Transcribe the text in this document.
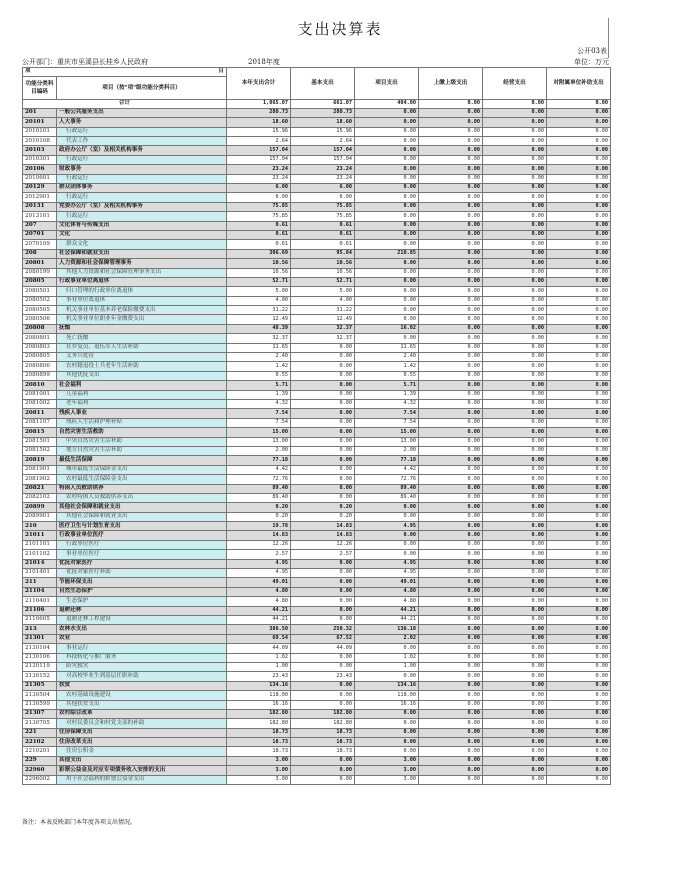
支出决算表
公开03表
公开部门：重庆市巫溪县长桂乡人民政府	2018年度	单位：万元
项 目		本年支出合计	基本支出	项目支出	上缴上级支出	经营支出	对附属单位补助支出
功能分类科目编码	项目（按"项"级功能分类科目）						
合计		1,065.07	661.07	404.00	0.00	0.00	0.00
201	一般公共服务支出	280.73	280.73	0.00	0.00	0.00	0.00
20101	人大事务	18.60	18.60	0.00	0.00	0.00	0.00
2010101	行政运行	15.96	15.96	0.00	0.00	0.00	0.00
2010108	代表工作	2.64	2.64	0.00	0.00	0.00	0.00
20103	政府办公厅（室）及相关机构事务	157.04	157.04	0.00	0.00	0.00	0.00
2010301	行政运行	157.04	157.04	0.00	0.00	0.00	0.00
20106	财政事务	23.24	23.24	0.00	0.00	0.00	0.00
2010601	行政运行	23.24	23.24	0.00	0.00	0.00	0.00
20129	群众团体事务	6.00	6.00	0.00	0.00	0.00	0.00
2012901	行政运行	6.00	6.00	0.00	0.00	0.00	0.00
20131	党委办公厅（室）及相关机构事务	75.85	75.85	0.00	0.00	0.00	0.00
2013101	行政运行	75.85	75.85	0.00	0.00	0.00	0.00
207	文化体育与传媒支出	0.61	0.61	0.00	0.00	0.00	0.00
20701	文化	0.61	0.61	0.00	0.00	0.00	0.00
2070109	群众文化	0.61	0.61	0.00	0.00	0.00	0.00
208	社会保障和就业支出	306.69	95.84	210.85	0.00	0.00	0.00
20801	人力资源和社会保障管理事务	10.56	10.56	0.00	0.00	0.00	0.00
2080199	其他人力资源和社会保障管理事务支出	10.56	10.56	0.00	0.00	0.00	0.00
20805	行政事业单位离退休	52.71	52.71	0.00	0.00	0.00	0.00
2080501	归口管理的行政单位离退休	5.00	5.00	0.00	0.00	0.00	0.00
2080502	事业单位离退休	4.00	4.00	0.00	0.00	0.00	0.00
2080505	机关事业单位基本养老保险缴费支出	31.22	31.22	0.00	0.00	0.00	0.00
2080506	机关事业单位职业年金缴费支出	12.49	12.49	0.00	0.00	0.00	0.00
20808	抚恤	48.39	32.37	16.02	0.00	0.00	0.00
2080801	死亡抚恤	32.37	32.37	0.00	0.00	0.00	0.00
2080803	在乡复员、退伍军人生活补助	11.65	0.00	11.65	0.00	0.00	0.00
2080805	义务兵优待	2.40	0.00	2.40	0.00	0.00	0.00
2080806	农村籍退役士兵老年生活补助	1.42	0.00	1.42	0.00	0.00	0.00
2080899	其他优抚支出	0.55	0.00	0.55	0.00	0.00	0.00
20810	社会福利	5.71	0.00	5.71	0.00	0.00	0.00
2081001	儿童福利	1.39	0.00	1.39	0.00	0.00	0.00
2081002	老年福利	4.32	0.00	4.32	0.00	0.00	0.00
20811	残疾人事业	7.54	0.00	7.54	0.00	0.00	0.00
2081107	残疾人生活和护理补贴	7.54	0.00	7.54	0.00	0.00	0.00
20815	自然灾害生活救助	15.00	0.00	15.00	0.00	0.00	0.00
2081501	中央自然灾害生活补助	13.00	0.00	13.00	0.00	0.00	0.00
2081502	地方自然灾害生活补助	2.00	0.00	2.00	0.00	0.00	0.00
20819	最低生活保障	77.18	0.00	77.18	0.00	0.00	0.00
2081901	城市最低生活保障金支出	4.42	0.00	4.42	0.00	0.00	0.00
2081902	农村最低生活保障金支出	72.76	0.00	72.76	0.00	0.00	0.00
20821	特困人员救助供养	89.40	0.00	89.40	0.00	0.00	0.00
2082102	农村特困人员救助供养支出	89.40	0.00	89.40	0.00	0.00	0.00
20899	其他社会保障和就业支出	0.20	0.20	0.00	0.00	0.00	0.00
2089901	其他社会保障和就业支出	0.20	0.20	0.00	0.00	0.00	0.00
210	医疗卫生与计划生育支出	19.78	14.83	4.95	0.00	0.00	0.00
21011	行政事业单位医疗	14.83	14.83	0.00	0.00	0.00	0.00
2101101	行政单位医疗	12.26	12.26	0.00	0.00	0.00	0.00
2101102	事业单位医疗	2.57	2.57	0.00	0.00	0.00	0.00
21014	优抚对象医疗	4.95	0.00	4.95	0.00	0.00	0.00
2101401	优抚对象医疗补助	4.95	0.00	4.95	0.00	0.00	0.00
211	节能环保支出	49.01	0.00	49.01	0.00	0.00	0.00
21104	自然生态保护	4.80	0.00	4.80	0.00	0.00	0.00
2110401	生态保护	4.80	0.00	4.80	0.00	0.00	0.00
21106	退耕还林	44.21	0.00	44.21	0.00	0.00	0.00
2110605	退耕还林工程建设	44.21	0.00	44.21	0.00	0.00	0.00
213	农林水支出	386.50	250.32	136.18	0.00	0.00	0.00
21301	农业	69.54	67.52	2.02	0.00	0.00	0.00
2130104	事业运行	44.09	44.09	0.00	0.00	0.00	0.00
2130106	科技转化与推广服务	1.02	0.00	1.02	0.00	0.00	0.00
2130119	防灾救灾	1.00	0.00	1.00	0.00	0.00	0.00
2130152	对高校毕业生到基层任职补助	23.43	23.43	0.00	0.00	0.00	0.00
21305	扶贫	134.16	0.00	134.16	0.00	0.00	0.00
2130504	农村基础设施建设	118.00	0.00	118.00	0.00	0.00	0.00
2130599	其他扶贫支出	16.16	0.00	16.16	0.00	0.00	0.00
21307	农村综合改革	182.80	182.80	0.00	0.00	0.00	0.00
2130705	对村民委员会和村党支部的补助	182.80	182.80	0.00	0.00	0.00	0.00
221	住房保障支出	18.73	18.73	0.00	0.00	0.00	0.00
22102	住房改革支出	18.73	18.73	0.00	0.00	0.00	0.00
2210201	住房公积金	18.73	18.73	0.00	0.00	0.00	0.00
229	其他支出	3.00	0.00	3.00	0.00	0.00	0.00
22960	彩票公益金及对应专项债务收入安排的支出	3.00	0.00	3.00	0.00	0.00	0.00
2296002	用于社会福利的彩票公益金支出	3.00	0.00	3.00	0.00	0.00	0.00
备注：本表反映部门本年度各项支出情况。
